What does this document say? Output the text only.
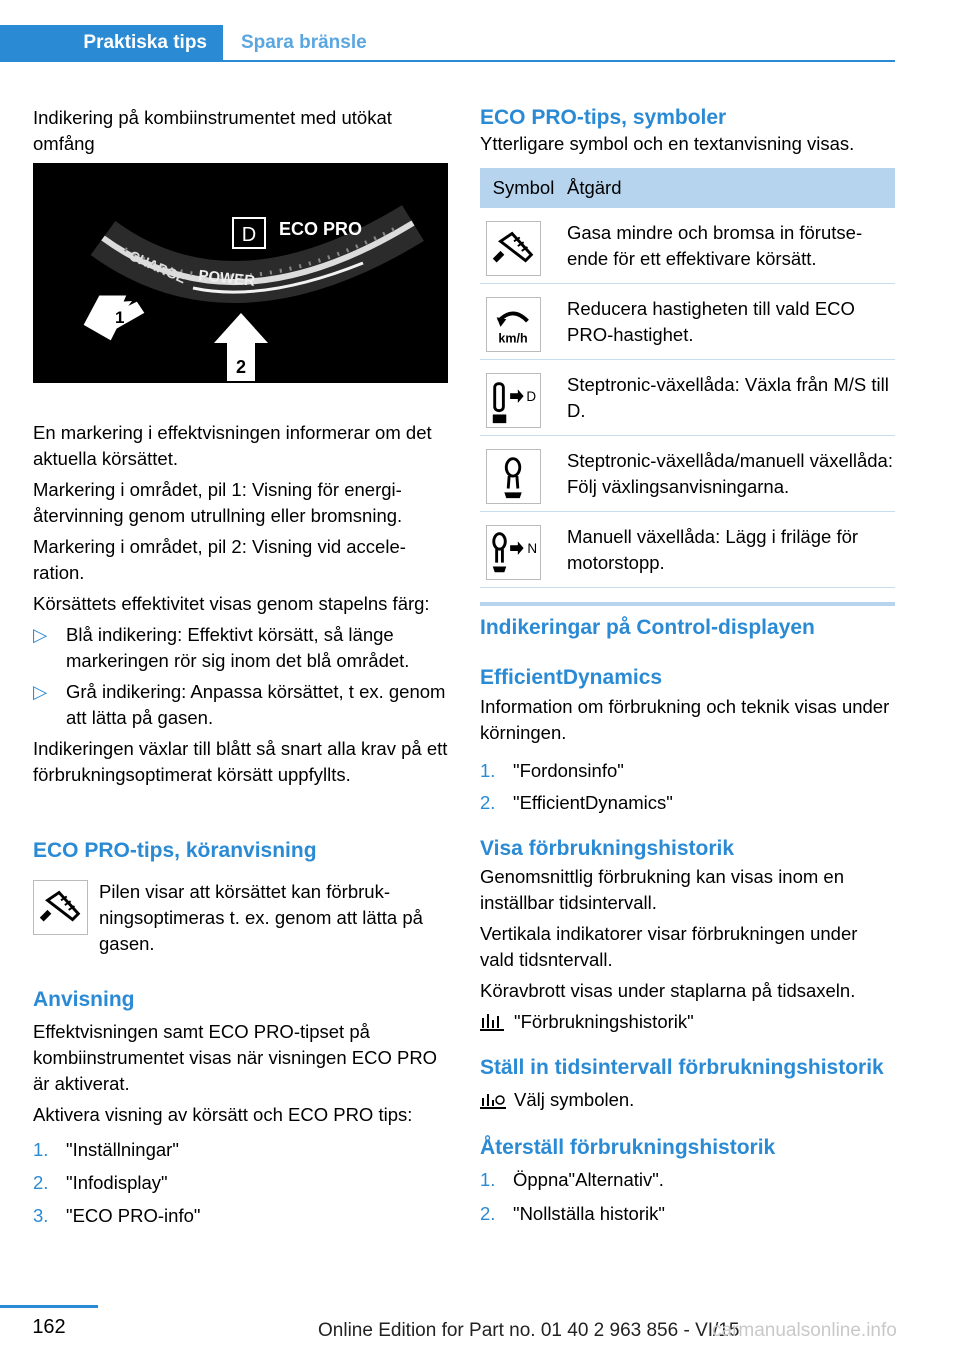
Praktiska tips	Spara bränsle

Indikering på kombiinstrumentet med utökat omfång

D ECO PRO
CHARGE POWER
1
2

En markering i effektvisningen informerar om det aktuella körsättet.

Markering i området, pil 1: Visning för energiåtervinning genom utrullning eller bromsning.

Markering i området, pil 2: Visning vid acceleration.

Körsättets effektivitet visas genom stapelns färg:

▷ Blå indikering: Effektivt körsätt, så länge markeringen rör sig inom det blå området.
▷ Grå indikering: Anpassa körsättet, t ex. genom att lätta på gasen.

Indikeringen växlar till blått så snart alla krav på ett förbrukningsoptimerat körsätt uppfyllts.

ECO PRO-tips, köranvisning

Pilen visar att körsättet kan förbrukningsoptimeras t. ex. genom att lätta på gasen.

Anvisning

Effektvisningen samt ECO PRO-tipset på kombiinstrumentet visas när visningen ECO PRO är aktiverat.

Aktivera visning av körsätt och ECO PRO tips:

1. "Inställningar"
2. "Infodisplay"
3. "ECO PRO-info"
ECO PRO-tips, symboler

Ytterligare symbol och en textanvisning visas.

Symbol Åtgärd
Gasa mindre och bromsa in förutseende för ett effektivare körsätt.
km/h
Reducera hastigheten till vald ECO PRO-hastighet.
D
Steptronic-växellåda: Växla från M/S till D.
Steptronic-växellåda/manuell växellåda: Följ växlingsanvisningarna.
N
Manuell växellåda: Lägg i friläge för motorstopp.
Indikeringar på Control-displayen
EfficientDynamics

Information om förbrukning och teknik visas under körningen.

1. "Fordonsinfo"
2. "EfficientDynamics"
Visa förbrukningshistorik

Genomsnittlig förbrukning kan visas inom en inställbar tidsintervall.

Vertikala indikatorer visar förbrukningen under vald tidsntervall.

Köravbrott visas under staplarna på tidsaxeln.

"Förbrukningshistorik"
Ställ in tidsintervall förbrukningshistorik
Välj symbolen.
Återställ förbrukningshistorik
1. Öppna"Alternativ".
2. "Nollställa historik"
162	Online Edition for Part no. 01 40 2 963 856 - VI/15
carmanualsonline.info
